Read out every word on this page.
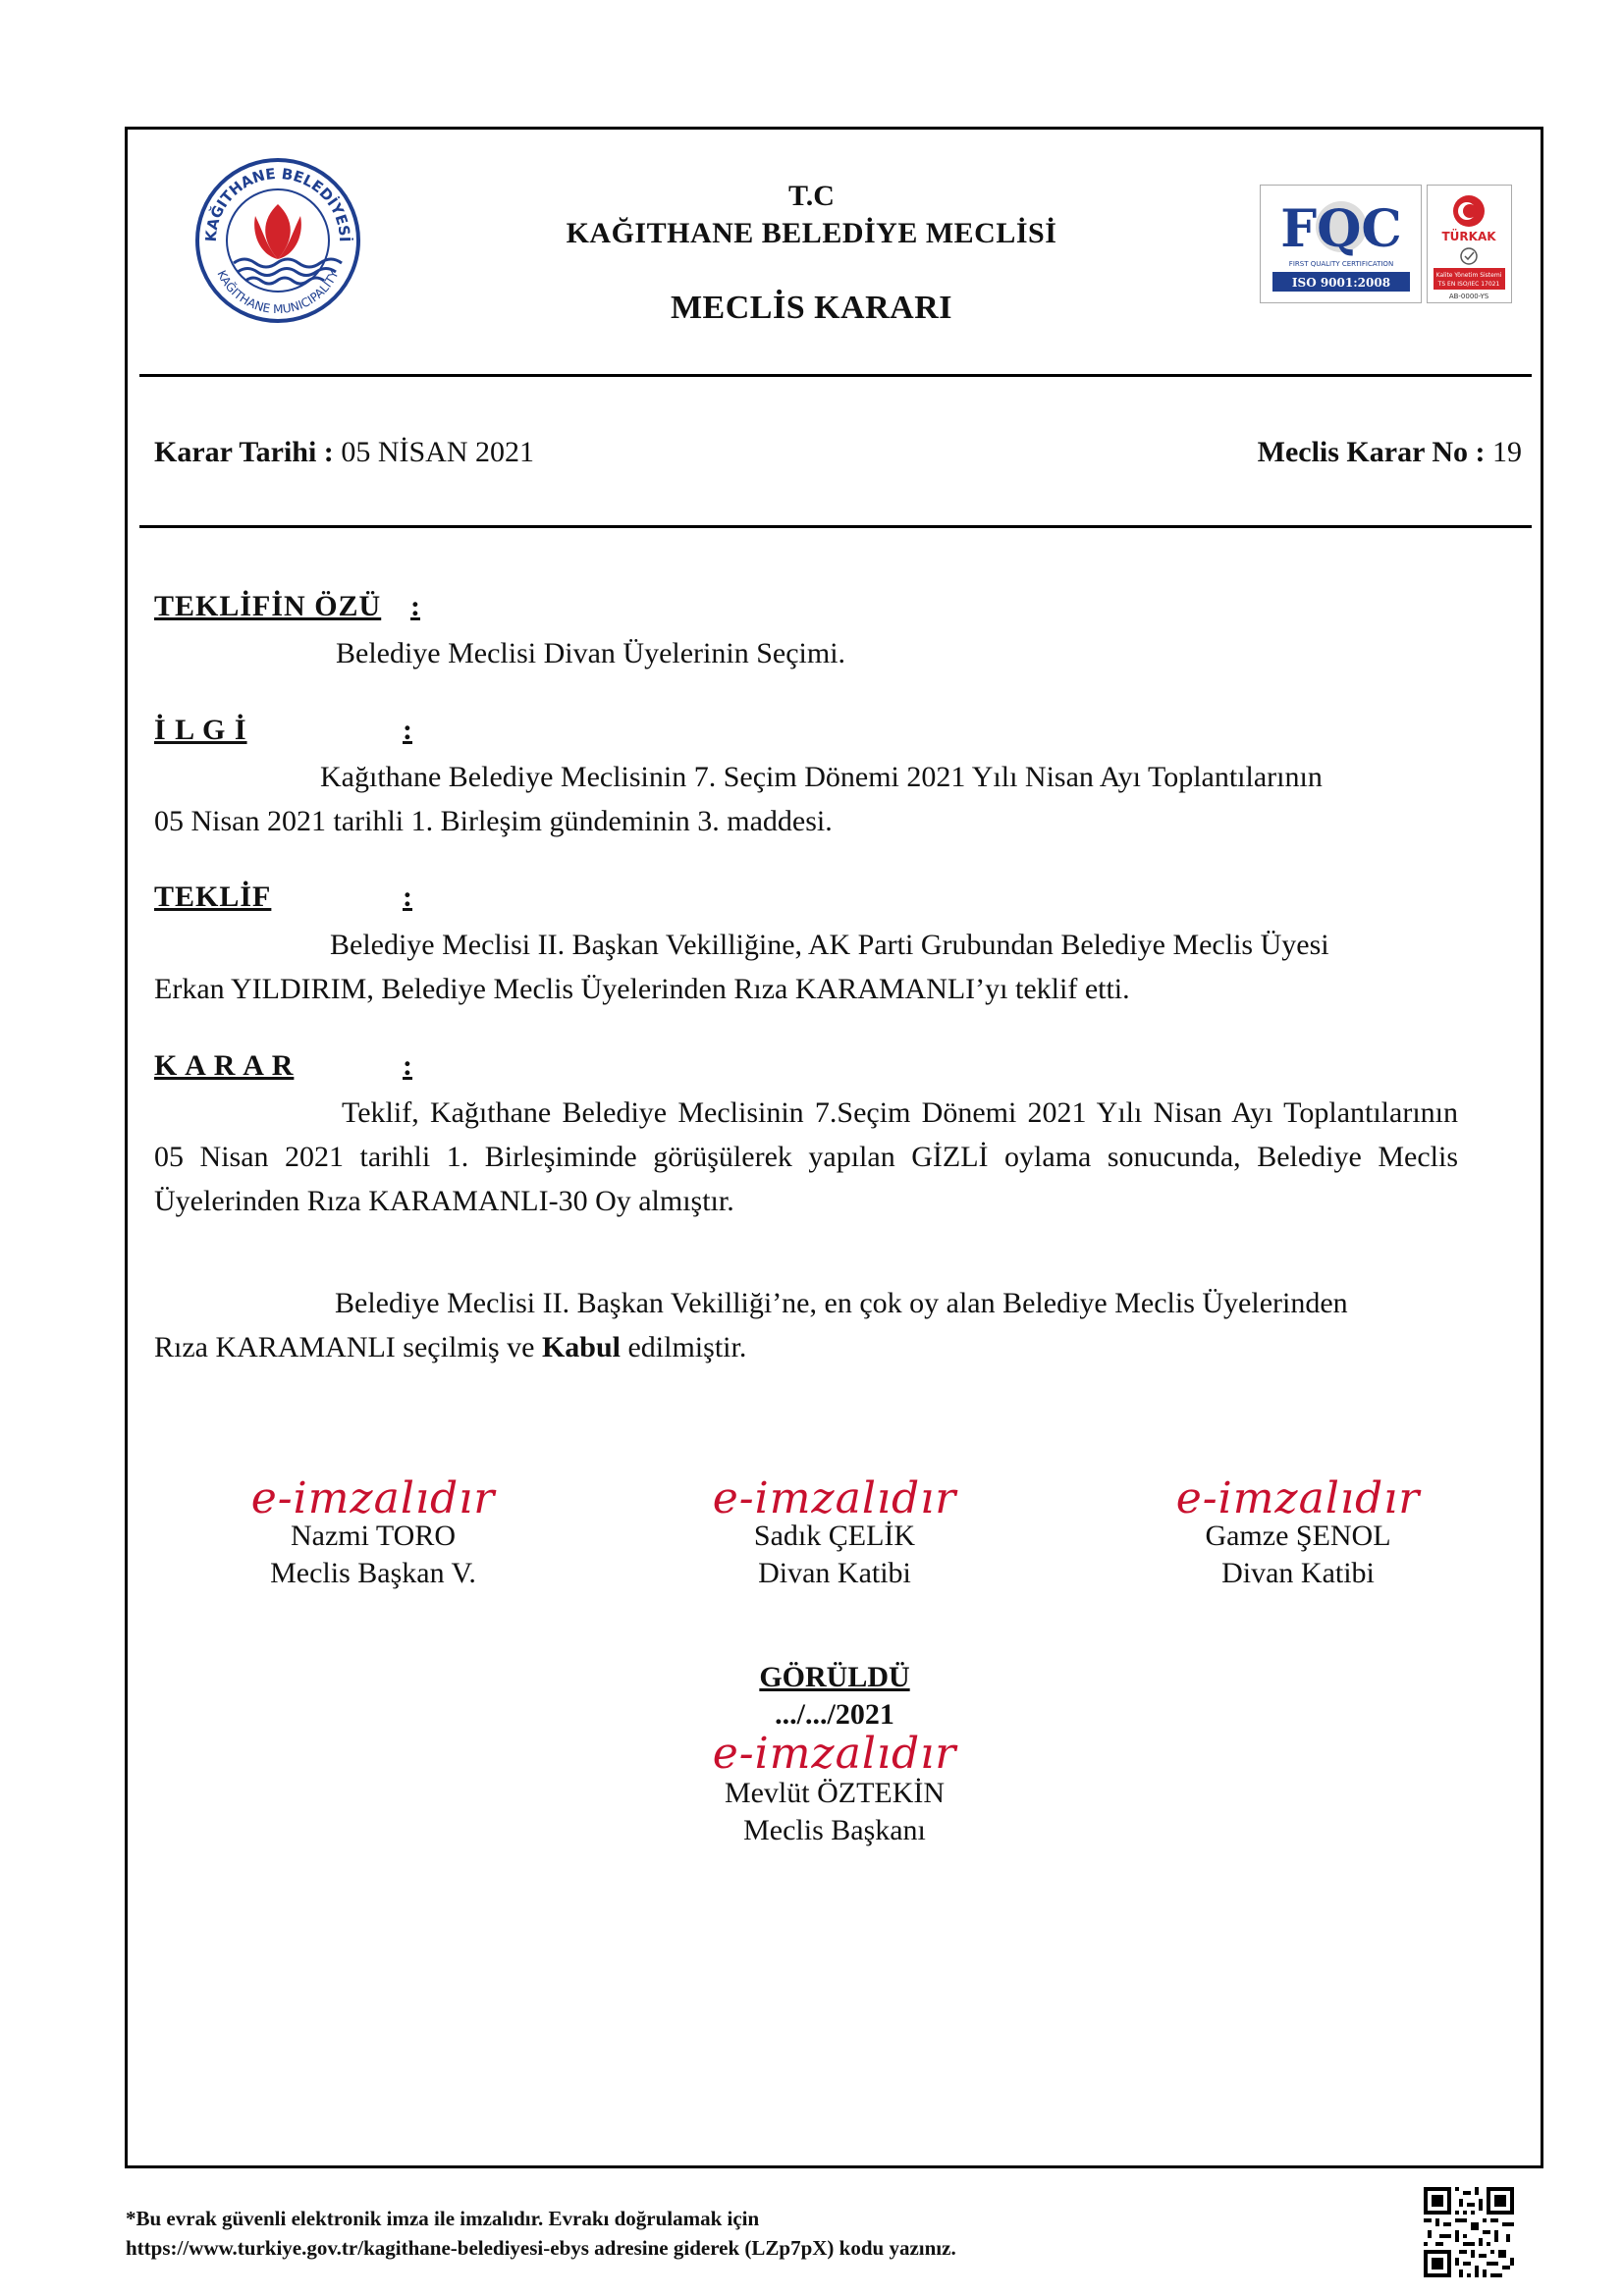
KAĞITHANE BELEDİYESİ
KAĞITHANE MUNICIPALITY
T.C
KAĞITHANE BELEDİYE MECLİSİ
MECLİS KARARI
FQC
FIRST QUALITY CERTIFICATION
ISO 9001:2008
TÜRKAK
Kalite Yönetim Sistemi
TS EN ISO/IEC 17021
AB-0000-YS
Karar Tarihi : 05 NİSAN 2021	Meclis Karar No : 19
TEKLİFİN ÖZÜ :
Belediye Meclisi Divan Üyelerinin Seçimi.
İ L G İ	:
Kağıthane Belediye Meclisinin 7. Seçim Dönemi 2021 Yılı Nisan Ayı Toplantılarının
05 Nisan 2021 tarihli 1. Birleşim gündeminin 3. maddesi.
TEKLİF	:
Belediye Meclisi II. Başkan Vekilliğine, AK Parti Grubundan Belediye Meclis Üyesi
Erkan YILDIRIM, Belediye Meclis Üyelerinden Rıza KARAMANLI’yı teklif etti.
K A R A R	:
Teklif, Kağıthane Belediye Meclisinin 7.Seçim Dönemi 2021 Yılı Nisan Ayı Toplantılarının 05 Nisan 2021 tarihli 1. Birleşiminde görüşülerek yapılan GİZLİ oylama sonucunda, Belediye Meclis Üyelerinden Rıza KARAMANLI-30 Oy almıştır.
Belediye Meclisi II. Başkan Vekilliği’ne, en çok oy alan Belediye Meclis Üyelerinden
Rıza KARAMANLI seçilmiş ve Kabul edilmiştir.
e-imzalıdır
Nazmi TORO
Meclis Başkan V.
e-imzalıdır
Sadık ÇELİK
Divan Katibi
e-imzalıdır
Gamze ŞENOL
Divan Katibi
GÖRÜLDÜ
.../.../2021
e-imzalıdır
Mevlüt ÖZTEKİN
Meclis Başkanı
*Bu evrak güvenli elektronik imza ile imzalıdır. Evrakı doğrulamak için
https://www.turkiye.gov.tr/kagithane-belediyesi-ebys adresine giderek (LZp7pX) kodu yazınız.
